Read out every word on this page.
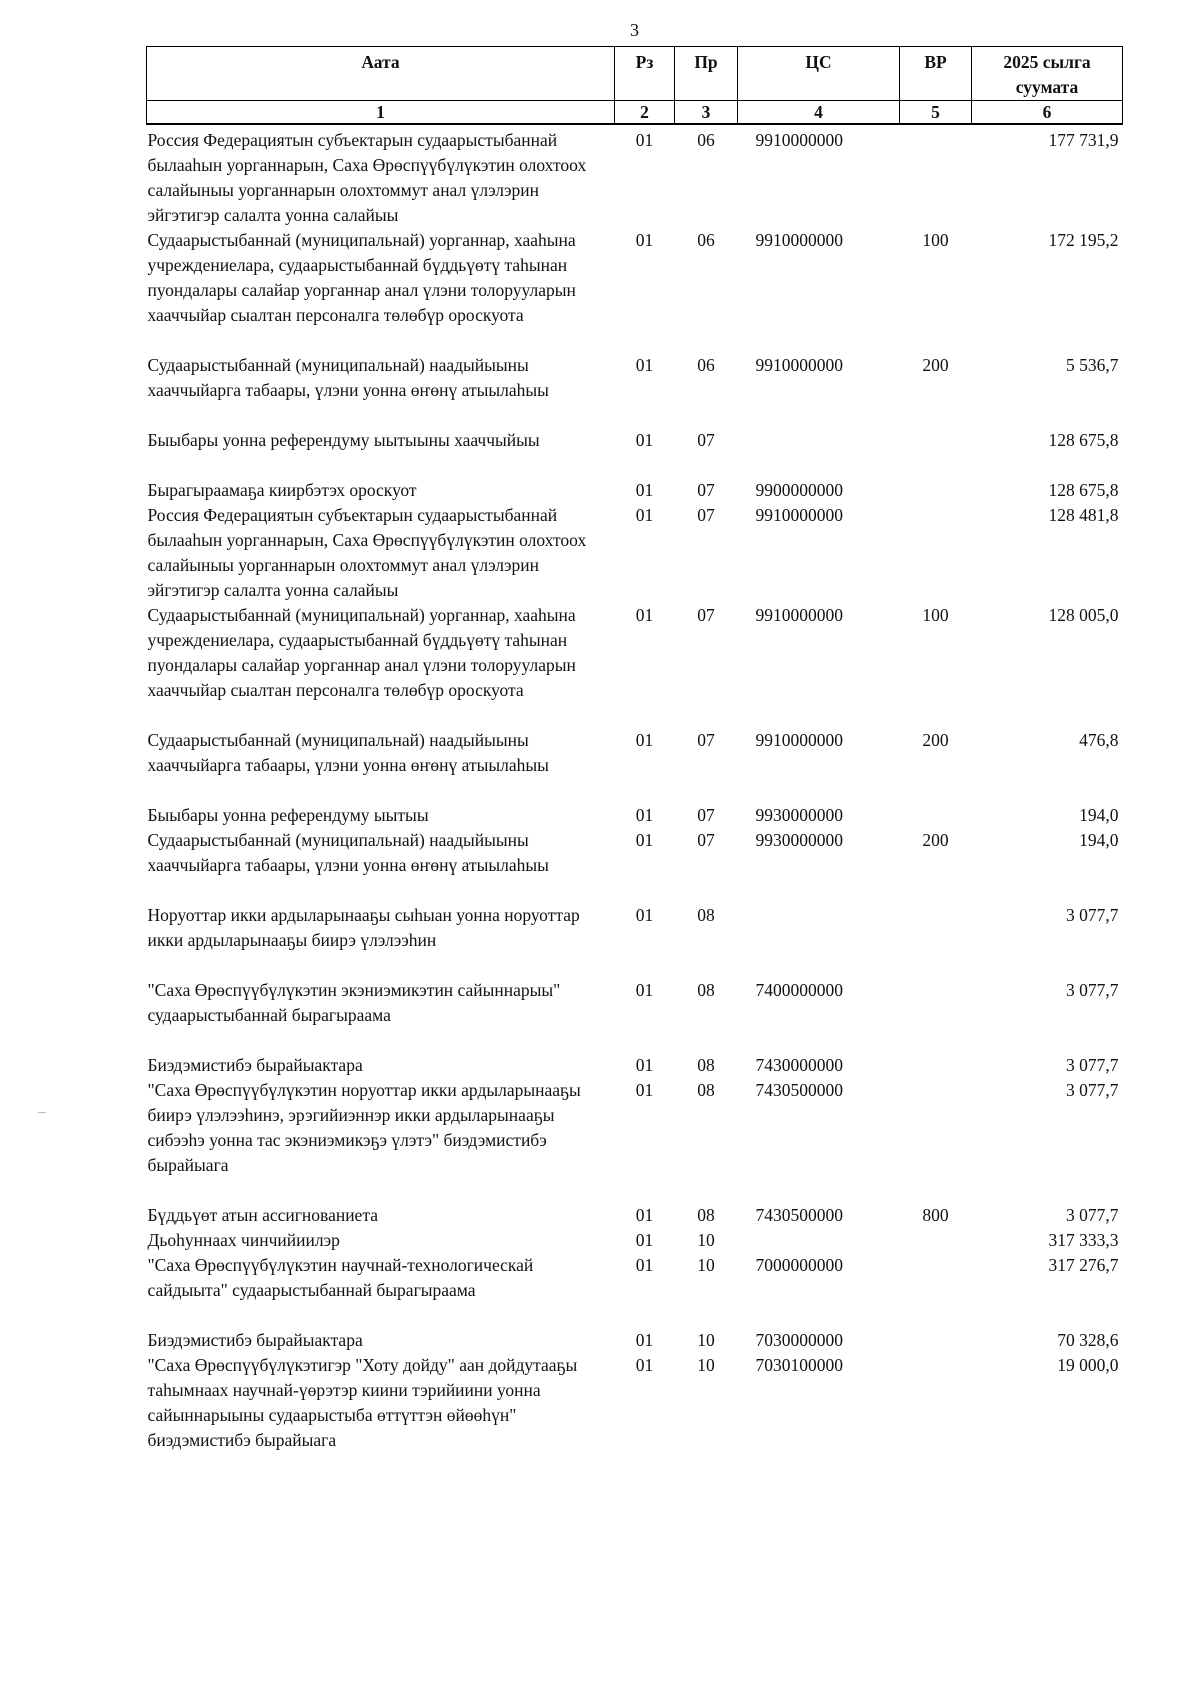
3
Аата	Рз	Пр	ЦС	ВР	2025 сылга суумата
1	2	3	4	5	6
Россия Федерациятын субъектарын судаарыстыбаннай былааһын уорганнарын, Саха Өрөспүүбүлүкэтин олохтоох салайыныы уорганнарын олохтоммут анал үлэлэрин эйгэтигэр салалта уонна салайыы	01	06	9910000000		177 731,9
Судаарыстыбаннай (муниципальнай) уорганнар, хааһына учреждениелара, судаарыстыбаннай бүддьүөтү таһынан пуондалары салайар уорганнар анал үлэни толорууларын хааччыйар сыалтан персоналга төлөбүр ороскуота	01	06	9910000000	100	172 195,2
Судаарыстыбаннай (муниципальнай) наадыйыыны хааччыйарга табаары, үлэни уонна өҥөнү атыылаһыы	01	06	9910000000	200	5 536,7
Быыбары уонна референдуму ыытыыны хааччыйыы	01	07			128 675,8
Бырагыраамаҕа киирбэтэх ороскуот	01	07	9900000000		128 675,8
Россия Федерациятын субъектарын судаарыстыбаннай былааһын уорганнарын, Саха Өрөспүүбүлүкэтин олохтоох салайыныы уорганнарын олохтоммут анал үлэлэрин эйгэтигэр салалта уонна салайыы	01	07	9910000000		128 481,8
Судаарыстыбаннай (муниципальнай) уорганнар, хааһына учреждениелара, судаарыстыбаннай бүддьүөтү таһынан пуондалары салайар уорганнар анал үлэни толорууларын хааччыйар сыалтан персоналга төлөбүр ороскуота	01	07	9910000000	100	128 005,0
Судаарыстыбаннай (муниципальнай) наадыйыыны хааччыйарга табаары, үлэни уонна өҥөнү атыылаһыы	01	07	9910000000	200	476,8
Быыбары уонна референдуму ыытыы	01	07	9930000000		194,0
Судаарыстыбаннай (муниципальнай) наадыйыыны хааччыйарга табаары, үлэни уонна өҥөнү атыылаһыы	01	07	9930000000	200	194,0
Норуоттар икки ардыларынааҕы сыһыан уонна норуоттар икки ардыларынааҕы биирэ үлэлээһин	01	08			3 077,7
"Саха Өрөспүүбүлүкэтин экэниэмикэтин сайыннарыы" судаарыстыбаннай бырагыраама	01	08	7400000000		3 077,7
Биэдэмистибэ бырайыактара	01	08	7430000000		3 077,7
"Саха Өрөспүүбүлүкэтин норуоттар икки ардыларынааҕы биирэ үлэлээһинэ, эрэгийиэннэр икки ардыларынааҕы сибээһэ уонна тас экэниэмикэҕэ үлэтэ" биэдэмистибэ бырайыага	01	08	7430500000		3 077,7
Бүддьүөт атын ассигнованиета	01	08	7430500000	800	3 077,7
Дьоһуннаах чинчийиилэр	01	10			317 333,3
"Саха Өрөспүүбүлүкэтин научнай-технологическай сайдыыта" судаарыстыбаннай бырагыраама	01	10	7000000000		317 276,7
Биэдэмистибэ бырайыактара	01	10	7030000000		70 328,6
"Саха Өрөспүүбүлүкэтигэр "Хоту дойду" аан дойдутааҕы таһымнаах научнай-үөрэтэр киини тэрийиини уонна сайыннарыыны судаарыстыба өттүттэн өйөөһүн" биэдэмистибэ бырайыага	01	10	7030100000		19 000,0
